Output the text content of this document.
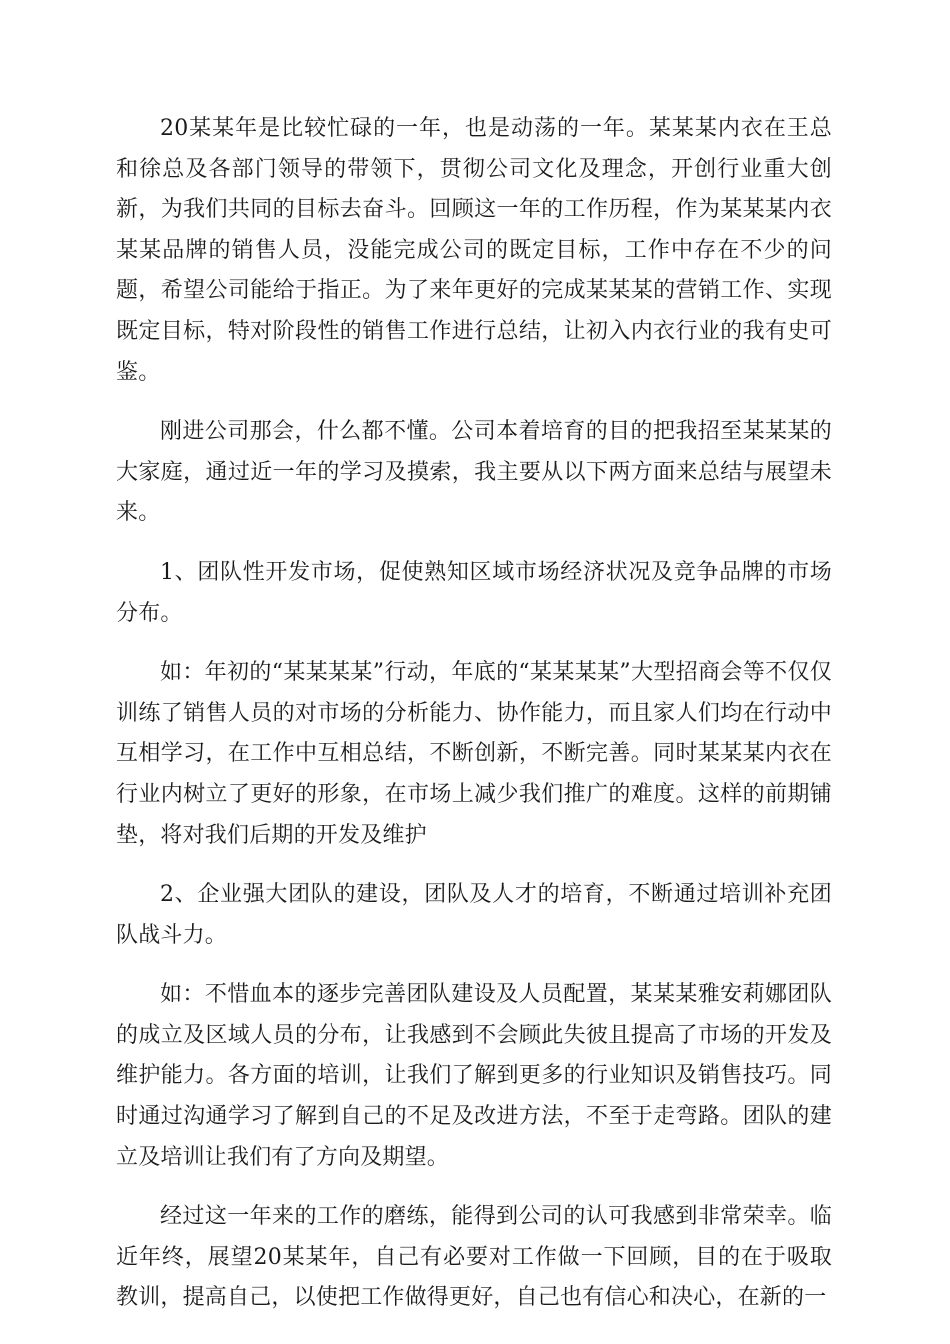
20某某年是比较忙碌的一年，也是动荡的一年。某某某内衣在王总和徐总及各部门领导的带领下，贯彻公司文化及理念，开创行业重大创新，为我们共同的目标去奋斗。回顾这一年的工作历程，作为某某某内衣某某品牌的销售人员，没能完成公司的既定目标，工作中存在不少的问题，希望公司能给于指正。为了来年更好的完成某某某的营销工作、实现既定目标，特对阶段性的销售工作进行总结，让初入内衣行业的我有史可鉴。

刚进公司那会，什么都不懂。公司本着培育的目的把我招至某某某的大家庭，通过近一年的学习及摸索，我主要从以下两方面来总结与展望未来。

1、团队性开发市场，促使熟知区域市场经济状况及竞争品牌的市场分布。

如：年初的“某某某某”行动，年底的“某某某某”大型招商会等不仅仅训练了销售人员的对市场的分析能力、协作能力，而且家人们均在行动中互相学习，在工作中互相总结，不断创新，不断完善。同时某某某内衣在行业内树立了更好的形象，在市场上减少我们推广的难度。这样的前期铺垫，将对我们后期的开发及维护

2、企业强大团队的建设，团队及人才的培育，不断通过培训补充团队战斗力。

如：不惜血本的逐步完善团队建设及人员配置，某某某雅安莉娜团队的成立及区域人员的分布，让我感到不会顾此失彼且提高了市场的开发及维护能力。各方面的培训，让我们了解到更多的行业知识及销售技巧。同时通过沟通学习了解到自己的不足及改进方法，不至于走弯路。团队的建立及培训让我们有了方向及期望。

经过这一年来的工作的磨练，能得到公司的认可我感到非常荣幸。临近年终，展望20某某年，自己有必要对工作做一下回顾，目的在于吸取教训，提高自己，以使把工作做得更好，自己也有信心和决心，在新的一
